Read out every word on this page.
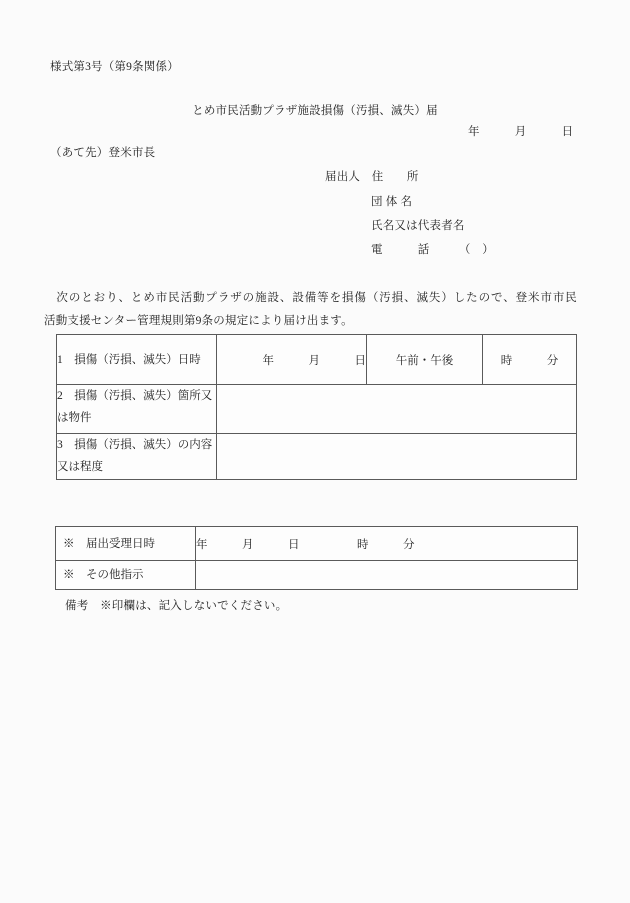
様式第3号（第9条関係）
とめ市民活動プラザ施設損傷（汚損、滅失）届
年　　　月　　　日
（あて先）登米市長
届出人　住　　所
団 体 名
氏名又は代表者名
電　　　話　　　（　）
　次のとおり、とめ市民活動プラザの施設、設備等を損傷（汚損、滅失）したので、登米市市民
活動支援センター管理規則第9条の規定により届け出ます。
1　損傷（汚損、滅失）日時	年　　　月　　　日	午前・午後	時　　　分
2　損傷（汚損、滅失）箇所又は物件			
3　損傷（汚損、滅失）の内容又は程度			
※　届出受理日時	年　　　月　　　日　　　　　時　　　分
※　その他指示	
備考　※印欄は、記入しないでください。
